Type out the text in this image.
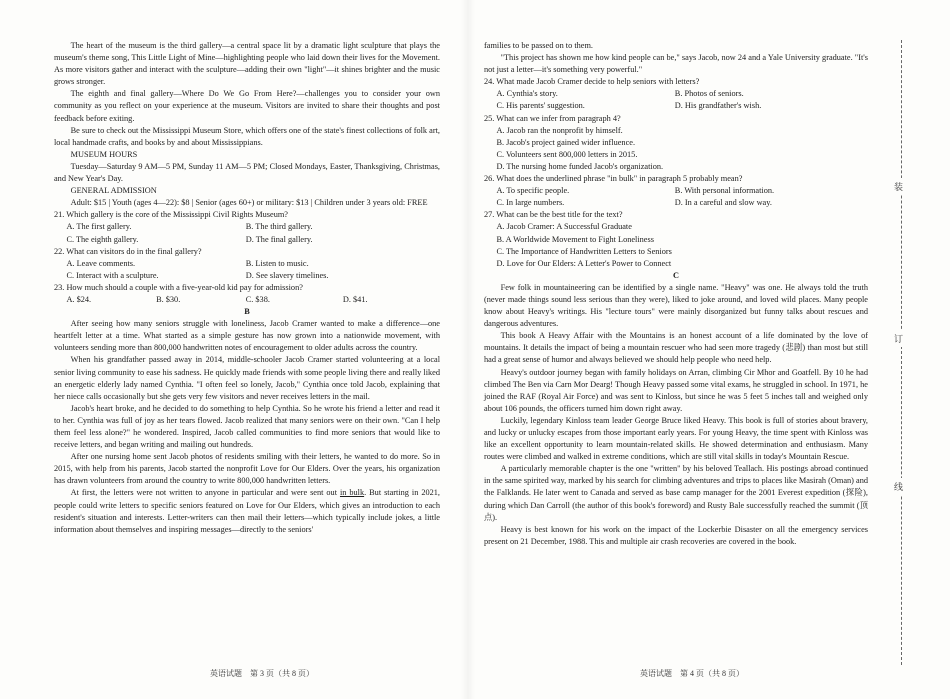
The heart of the museum is the third gallery—a central space lit by a dramatic light sculpture that plays the museum's theme song, This Little Light of Mine—highlighting people who laid down their lives for the Movement. As more visitors gather and interact with the sculpture—adding their own "light"—it shines brighter and the music grows stronger.

The eighth and final gallery—Where Do We Go From Here?—challenges you to consider your own community as you reflect on your experience at the museum. Visitors are invited to share their thoughts and post feedback before exiting.

Be sure to check out the Mississippi Museum Store, which offers one of the state's finest collections of folk art, local handmade crafts, and books by and about Mississippians.

MUSEUM HOURS

Tuesday—Saturday 9 AM—5 PM, Sunday 11 AM—5 PM; Closed Mondays, Easter, Thanksgiving, Christmas, and New Year's Day.

GENERAL ADMISSION

Adult: $15 | Youth (ages 4—22): $8 | Senior (ages 60+) or military: $13 | Children under 3 years old: FREE

21. Which gallery is the core of the Mississippi Civil Rights Museum?

A. The first gallery.	B. The third gallery.
C. The eighth gallery.	D. The final gallery.

22. What can visitors do in the final gallery?

A. Leave comments.	B. Listen to music.
C. Interact with a sculpture.	D. See slavery timelines.

23. How much should a couple with a five-year-old kid pay for admission?

A. $24.	B. $30.	C. $38.	D. $41.

B

After seeing how many seniors struggle with loneliness, Jacob Cramer wanted to make a difference—one heartfelt letter at a time. What started as a simple gesture has now grown into a nationwide movement, with volunteers sending more than 800,000 handwritten notes of encouragement to older adults across the country.

When his grandfather passed away in 2014, middle-schooler Jacob Cramer started volunteering at a local senior living community to ease his sadness. He quickly made friends with some people living there and really liked an energetic elderly lady named Cynthia. "I often feel so lonely, Jacob," Cynthia once told Jacob, explaining that her niece calls occasionally but she gets very few visitors and never receives letters in the mail.

Jacob's heart broke, and he decided to do something to help Cynthia. So he wrote his friend a letter and read it to her. Cynthia was full of joy as her tears flowed. Jacob realized that many seniors were on their own. "Can I help them feel less alone?" he wondered. Inspired, Jacob called communities to find more seniors that would like to receive letters, and began writing and mailing out hundreds.

After one nursing home sent Jacob photos of residents smiling with their letters, he wanted to do more. So in 2015, with help from his parents, Jacob started the nonprofit Love for Our Elders. Over the years, his organization has drawn volunteers from around the country to write 800,000 handwritten letters.

At first, the letters were not written to anyone in particular and were sent out in bulk. But starting in 2021, people could write letters to specific seniors featured on Love for Our Elders, which gives an introduction to each resident's situation and interests. Letter-writers can then mail their letters—which typically include jokes, a little information about themselves and inspiring messages—directly to the seniors'

英语试题　第 3 页（共 8 页）

families to be passed on to them.

"This project has shown me how kind people can be," says Jacob, now 24 and a Yale University graduate. "It's not just a letter—it's something very powerful."

24. What made Jacob Cramer decide to help seniors with letters?

A. Cynthia's story.	B. Photos of seniors.
C. His parents' suggestion.	D. His grandfather's wish.

25. What can we infer from paragraph 4?

A. Jacob ran the nonprofit by himself.
B. Jacob's project gained wider influence.
C. Volunteers sent 800,000 letters in 2015.
D. The nursing home funded Jacob's organization.

26. What does the underlined phrase "in bulk" in paragraph 5 probably mean?

A. To specific people.	B. With personal information.
C. In large numbers.	D. In a careful and slow way.

27. What can be the best title for the text?

A. Jacob Cramer: A Successful Graduate
B. A Worldwide Movement to Fight Loneliness
C. The Importance of Handwritten Letters to Seniors
D. Love for Our Elders: A Letter's Power to Connect

C

Few folk in mountaineering can be identified by a single name. "Heavy" was one. He always told the truth (never made things sound less serious than they were), liked to joke around, and loved wild places. Many people know about Heavy's writings. His "lecture tours" were mainly disorganized but funny talks about rescues and dangerous adventures.

This book A Heavy Affair with the Mountains is an honest account of a life dominated by the love of mountains. It details the impact of being a mountain rescuer who had seen more tragedy (悲剧) than most but still had a great sense of humor and always believed we should help people who need help.

Heavy's outdoor journey began with family holidays on Arran, climbing Cir Mhor and Goatfell. By 10 he had climbed The Ben via Carn Mor Dearg! Though Heavy passed some vital exams, he struggled in school. In 1971, he joined the RAF (Royal Air Force) and was sent to Kinloss, but since he was 5 feet 5 inches tall and weighed only about 106 pounds, the officers turned him down right away.

Luckily, legendary Kinloss team leader George Bruce liked Heavy. This book is full of stories about bravery, and lucky or unlucky escapes from those important early years. For young Heavy, the time spent with Kinloss was like an excellent opportunity to learn mountain-related skills. He showed determination and enthusiasm. Many routes were climbed and walked in extreme conditions, which are still vital skills in today's Mountain Rescue.

A particularly memorable chapter is the one "written" by his beloved Teallach. His postings abroad continued in the same spirited way, marked by his search for climbing adventures and trips to places like Masirah (Oman) and the Falklands. He later went to Canada and served as base camp manager for the 2001 Everest expedition (探险), during which Dan Carroll (the author of this book's foreword) and Rusty Bale successfully reached the summit (顶点).

Heavy is best known for his work on the impact of the Lockerbie Disaster on all the emergency services present on 21 December, 1988. This and multiple air crash recoveries are covered in the book.

英语试题　第 4 页（共 8 页）
装
订
线
